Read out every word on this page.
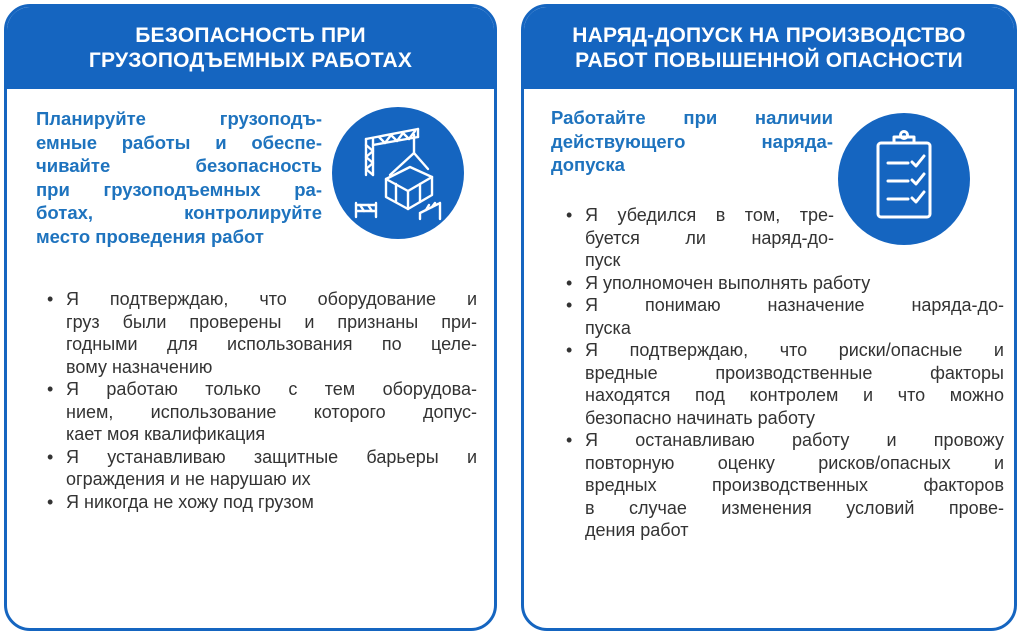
БЕЗОПАСНОСТЬ ПРИ
ГРУЗОПОДЪЕМНЫХ РАБОТАХ
Планируйте грузоподъ-
емные работы и обеспе-
чивайте безопасность
при грузоподъемных ра-
ботах, контролируйте
место проведения работ
• Я подтверждаю, что оборудование и
груз были проверены и признаны при-
годными для использования по целе-
вому назначению
• Я работаю только с тем оборудова-
нием, использование которого допус-
кает моя квалификация
• Я устанавливаю защитные барьеры и
ограждения и не нарушаю их
• Я никогда не хожу под грузом
НАРЯД-ДОПУСК НА ПРОИЗВОДСТВО
РАБОТ ПОВЫШЕННОЙ ОПАСНОСТИ
Работайте при наличии
действующего наряда-
допуска
• Я убедился в том, тре-
буется ли наряд-до-
пуск
• Я уполномочен выполнять работу
• Я понимаю назначение наряда-до-
пуска
• Я подтверждаю, что риски/опасные и
вредные производственные факторы
находятся под контролем и что можно
безопасно начинать работу
• Я останавливаю работу и провожу
повторную оценку рисков/опасных и
вредных производственных факторов
в случае изменения условий прове-
дения работ
